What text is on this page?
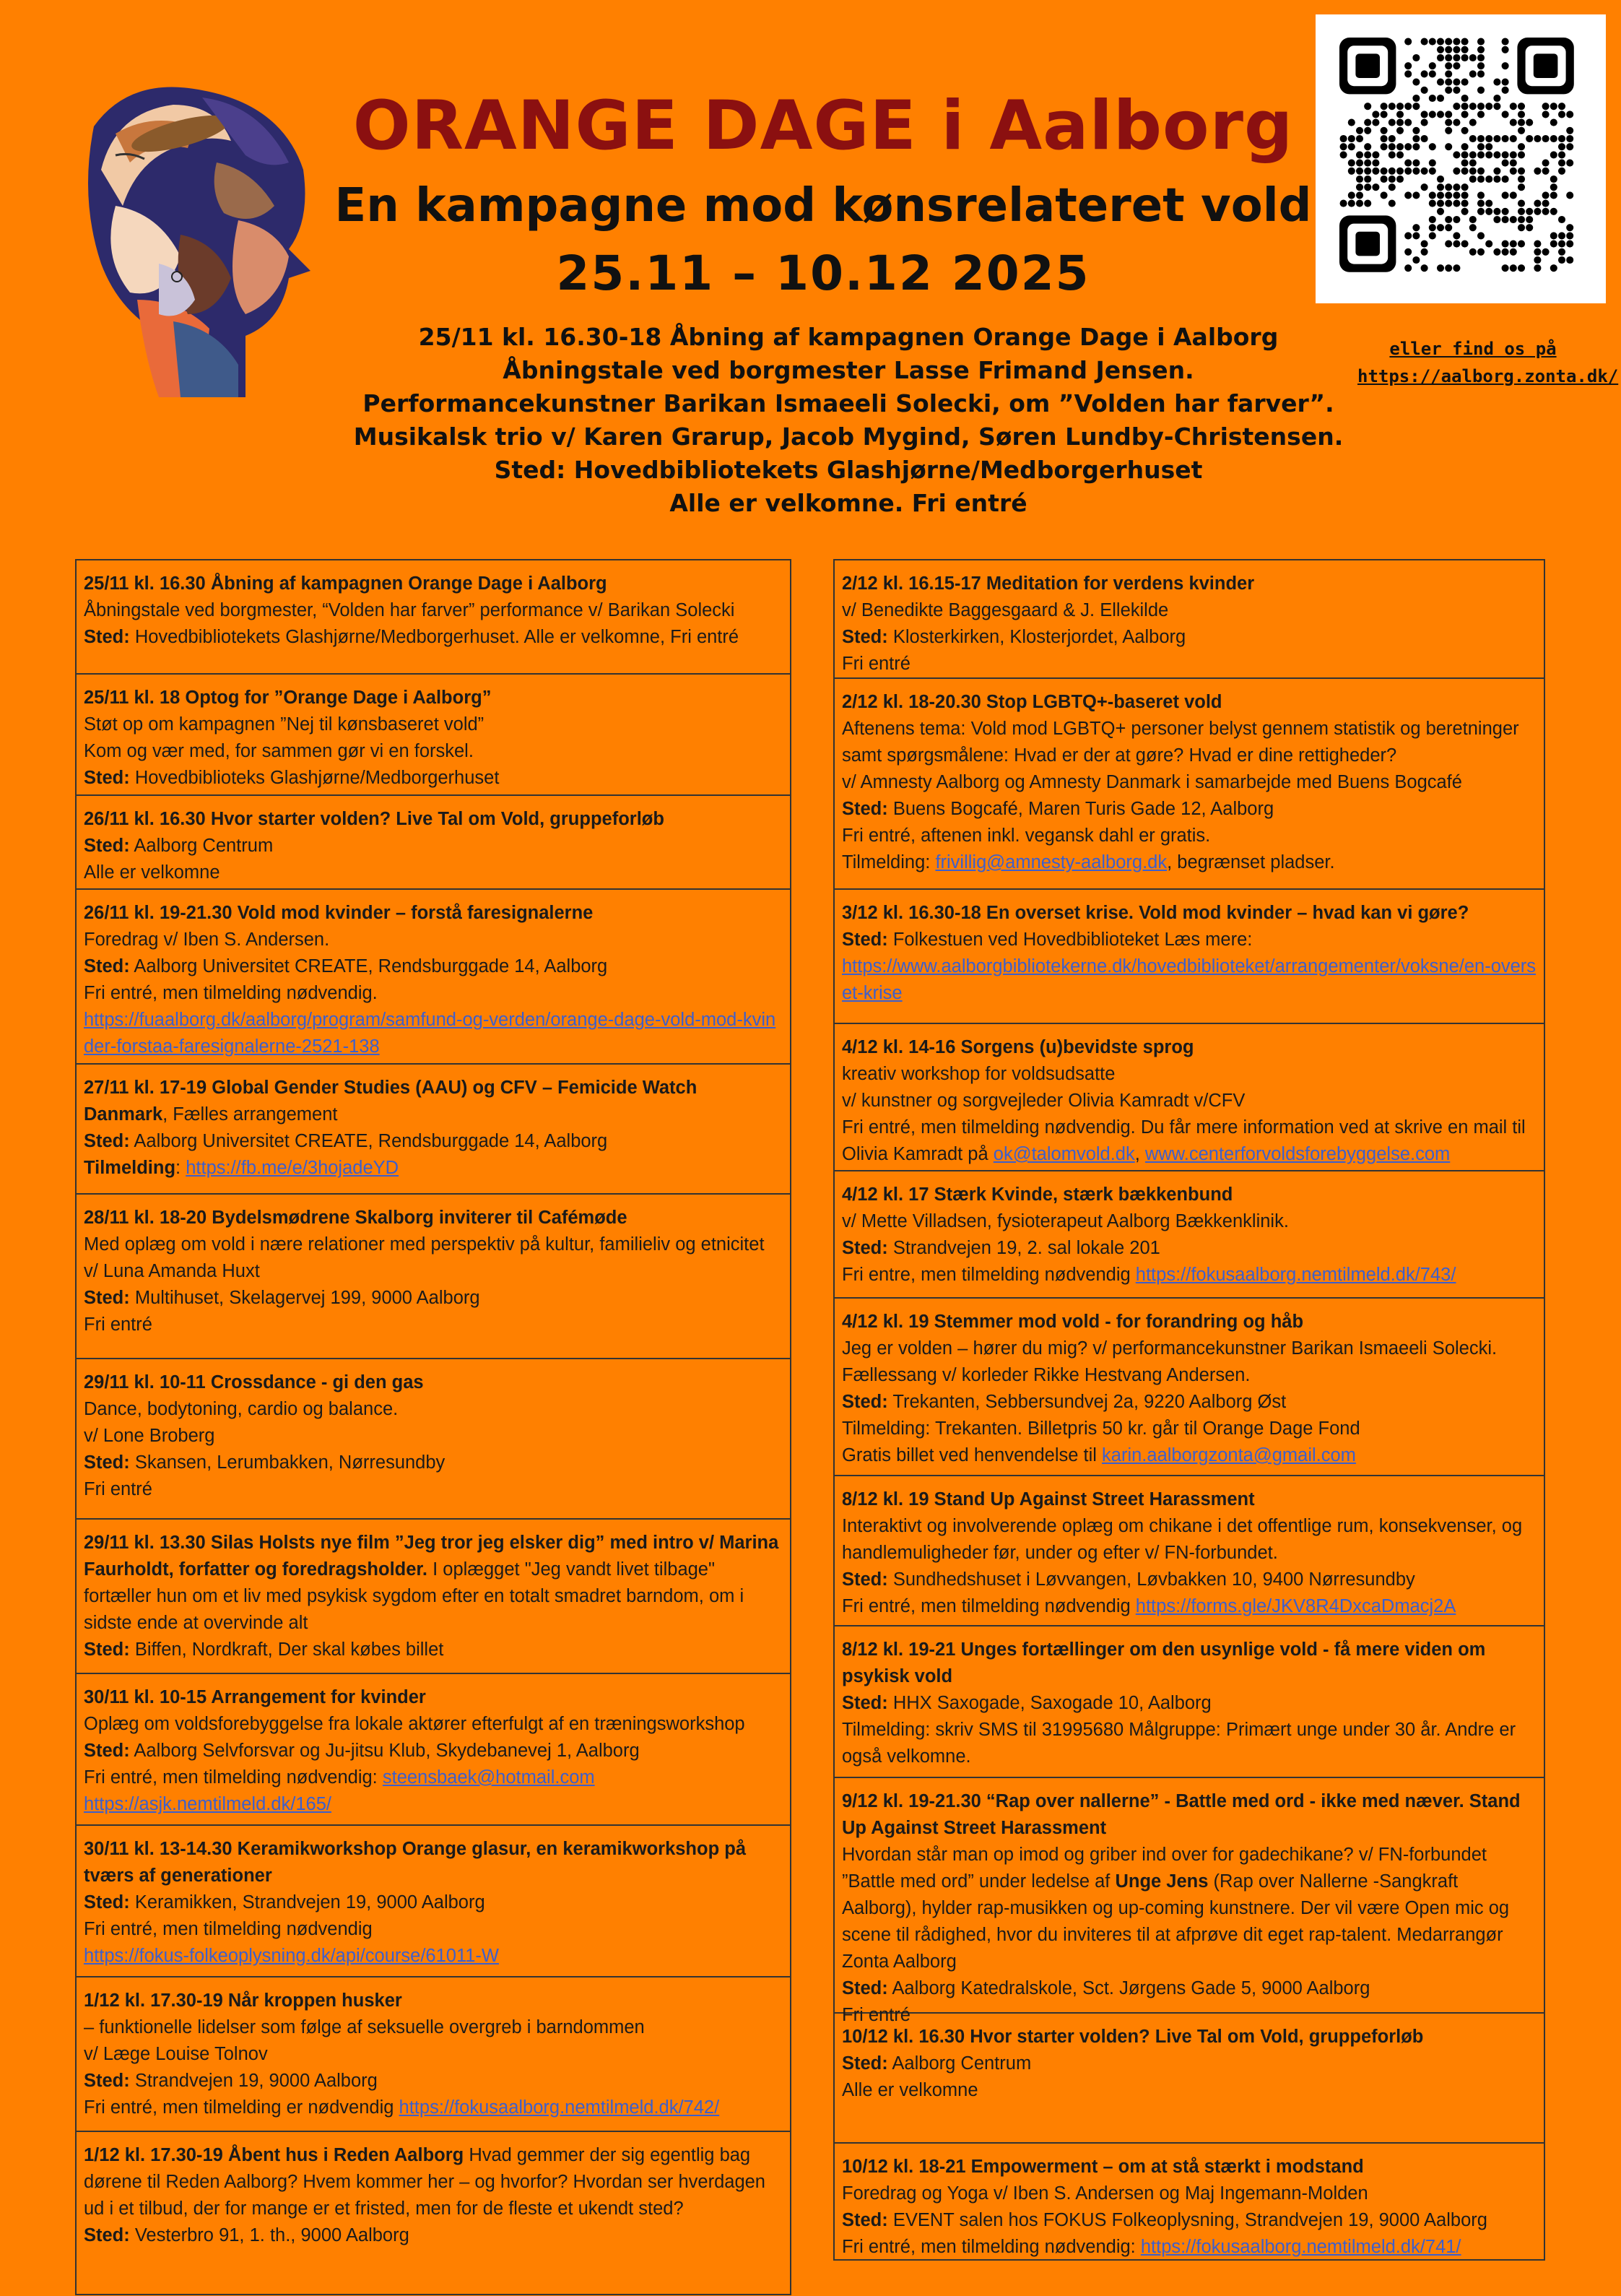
ORANGE DAGE i Aalborg
En kampagne mod kønsrelateret vold
25.11 – 10.12 2025
25/11 kl. 16.30-18 Åbning af kampagnen Orange Dage i Aalborg
Åbningstale ved borgmester Lasse Frimand Jensen.
Performancekunstner Barikan Ismaeeli Solecki, om ”Volden har farver”.
Musikalsk trio v/ Karen Grarup, Jacob Mygind, Søren Lundby-Christensen.
Sted: Hovedbibliotekets Glashjørne/Medborgerhuset
Alle er velkomne. Fri entré
eller find os på
https://aalborg.zonta.dk/
25/11 kl. 16.30 Åbning af kampagnen Orange Dage i Aalborg
Åbningstale ved borgmester, “Volden har farver” performance v/ Barikan Solecki
Sted: Hovedbibliotekets Glashjørne/Medborgerhuset. Alle er velkomne, Fri entré
25/11 kl. 18 Optog for ”Orange Dage i Aalborg”
Støt op om kampagnen ”Nej til kønsbaseret vold”
Kom og vær med, for sammen gør vi en forskel.
Sted: Hovedbiblioteks Glashjørne/Medborgerhuset
26/11 kl. 16.30 Hvor starter volden? Live Tal om Vold, gruppeforløb
Sted: Aalborg Centrum
Alle er velkomne
26/11 kl. 19-21.30 Vold mod kvinder – forstå faresignalerne
Foredrag v/ Iben S. Andersen.
Sted: Aalborg Universitet CREATE, Rendsburggade 14, Aalborg
Fri entré, men tilmelding nødvendig.
https://fuaalborg.dk/aalborg/program/samfund-og-verden/orange-dage-vold-mod-kvinder-forstaa-faresignalerne-2521-138
27/11 kl. 17-19 Global Gender Studies (AAU) og CFV – Femicide Watch Danmark, Fælles arrangement
Sted: Aalborg Universitet CREATE, Rendsburggade 14, Aalborg
Tilmelding: https://fb.me/e/3hojadeYD
28/11 kl. 18-20 Bydelsmødrene Skalborg inviterer til Cafémøde
Med oplæg om vold i nære relationer med perspektiv på kultur, familieliv og etnicitet v/ Luna Amanda Huxt
Sted: Multihuset, Skelagervej 199, 9000 Aalborg
Fri entré
29/11 kl. 10-11 Crossdance - gi den gas
Dance, bodytoning, cardio og balance.
v/ Lone Broberg
Sted: Skansen, Lerumbakken, Nørresundby
Fri entré
29/11 kl. 13.30 Silas Holsts nye film ”Jeg tror jeg elsker dig” med intro v/ Marina Faurholdt, forfatter og foredragsholder. I oplægget "Jeg vandt livet tilbage" fortæller hun om et liv med psykisk sygdom efter en totalt smadret barndom, om i sidste ende at overvinde alt
Sted: Biffen, Nordkraft, Der skal købes billet
30/11 kl. 10-15 Arrangement for kvinder
Oplæg om voldsforebyggelse fra lokale aktører efterfulgt af en træningsworkshop
Sted: Aalborg Selvforsvar og Ju-jitsu Klub, Skydebanevej 1, Aalborg
Fri entré, men tilmelding nødvendig: steensbaek@hotmail.com
https://asjk.nemtilmeld.dk/165/
30/11 kl. 13-14.30 Keramikworkshop Orange glasur, en keramikworkshop på tværs af generationer
Sted: Keramikken, Strandvejen 19, 9000 Aalborg
Fri entré, men tilmelding nødvendig
https://fokus-folkeoplysning.dk/api/course/61011-W
1/12 kl. 17.30-19 Når kroppen husker
– funktionelle lidelser som følge af seksuelle overgreb i barndommen
v/ Læge Louise Tolnov
Sted: Strandvejen 19, 9000 Aalborg
Fri entré, men tilmelding er nødvendig https://fokusaalborg.nemtilmeld.dk/742/
1/12 kl. 17.30-19 Åbent hus i Reden Aalborg Hvad gemmer der sig egentlig bag dørene til Reden Aalborg? Hvem kommer her – og hvorfor? Hvordan ser hverdagen ud i et tilbud, der for mange er et fristed, men for de fleste et ukendt sted?
Sted: Vesterbro 91, 1. th., 9000 Aalborg
2/12 kl. 16.15-17 Meditation for verdens kvinder
v/ Benedikte Baggesgaard & J. Ellekilde
Sted: Klosterkirken, Klosterjordet, Aalborg
Fri entré
2/12 kl. 18-20.30 Stop LGBTQ+-baseret vold
Aftenens tema: Vold mod LGBTQ+ personer belyst gennem statistik og beretninger samt spørgsmålene: Hvad er der at gøre? Hvad er dine rettigheder?
v/ Amnesty Aalborg og Amnesty Danmark i samarbejde med Buens Bogcafé
Sted: Buens Bogcafé, Maren Turis Gade 12, Aalborg
Fri entré, aftenen inkl. vegansk dahl er gratis.
Tilmelding: frivillig@amnesty-aalborg.dk, begrænset pladser.
3/12 kl. 16.30-18 En overset krise. Vold mod kvinder – hvad kan vi gøre?
Sted: Folkestuen ved Hovedbiblioteket Læs mere:
https://www.aalborgbibliotekerne.dk/hovedbiblioteket/arrangementer/voksne/en-overset-krise
4/12 kl. 14-16 Sorgens (u)bevidste sprog
kreativ workshop for voldsudsatte
v/ kunstner og sorgvejleder Olivia Kamradt v/CFV
Fri entré, men tilmelding nødvendig. Du får mere information ved at skrive en mail til Olivia Kamradt på ok@talomvold.dk, www.centerforvoldsforebyggelse.com
4/12 kl. 17 Stærk Kvinde, stærk bækkenbund
v/ Mette Villadsen, fysioterapeut Aalborg Bækkenklinik.
Sted: Strandvejen 19, 2. sal lokale 201
Fri entre, men tilmelding nødvendig https://fokusaalborg.nemtilmeld.dk/743/
4/12 kl. 19 Stemmer mod vold - for forandring og håb
Jeg er volden – hører du mig? v/ performancekunstner Barikan Ismaeeli Solecki.
Fællessang v/ korleder Rikke Hestvang Andersen.
Sted: Trekanten, Sebbersundvej 2a, 9220 Aalborg Øst
Tilmelding: Trekanten. Billetpris 50 kr. går til Orange Dage Fond
Gratis billet ved henvendelse til karin.aalborgzonta@gmail.com
8/12 kl. 19 Stand Up Against Street Harassment
Interaktivt og involverende oplæg om chikane i det offentlige rum, konsekvenser, og handlemuligheder før, under og efter v/ FN-forbundet.
Sted: Sundhedshuset i Løvvangen, Løvbakken 10, 9400 Nørresundby
Fri entré, men tilmelding nødvendig https://forms.gle/JKV8R4DxcaDmacj2A
8/12 kl. 19-21 Unges fortællinger om den usynlige vold - få mere viden om psykisk vold
Sted: HHX Saxogade, Saxogade 10, Aalborg
Tilmelding: skriv SMS til 31995680 Målgruppe: Primært unge under 30 år. Andre er også velkomne.
9/12 kl. 19-21.30 “Rap over nallerne” - Battle med ord - ikke med næver. Stand Up Against Street Harassment
Hvordan står man op imod og griber ind over for gadechikane? v/ FN-forbundet ”Battle med ord” under ledelse af Unge Jens (Rap over Nallerne -Sangkraft Aalborg), hylder rap-musikken og up-coming kunstnere. Der vil være Open mic og scene til rådighed, hvor du inviteres til at afprøve dit eget rap-talent. Medarrangør Zonta Aalborg
Sted: Aalborg Katedralskole, Sct. Jørgens Gade 5, 9000 Aalborg
Fri entré
10/12 kl. 16.30 Hvor starter volden? Live Tal om Vold, gruppeforløb
Sted: Aalborg Centrum
Alle er velkomne
10/12 kl. 18-21 Empowerment – om at stå stærkt i modstand
Foredrag og Yoga v/ Iben S. Andersen og Maj Ingemann-Molden
Sted: EVENT salen hos FOKUS Folkeoplysning, Strandvejen 19, 9000 Aalborg
Fri entré, men tilmelding nødvendig: https://fokusaalborg.nemtilmeld.dk/741/
